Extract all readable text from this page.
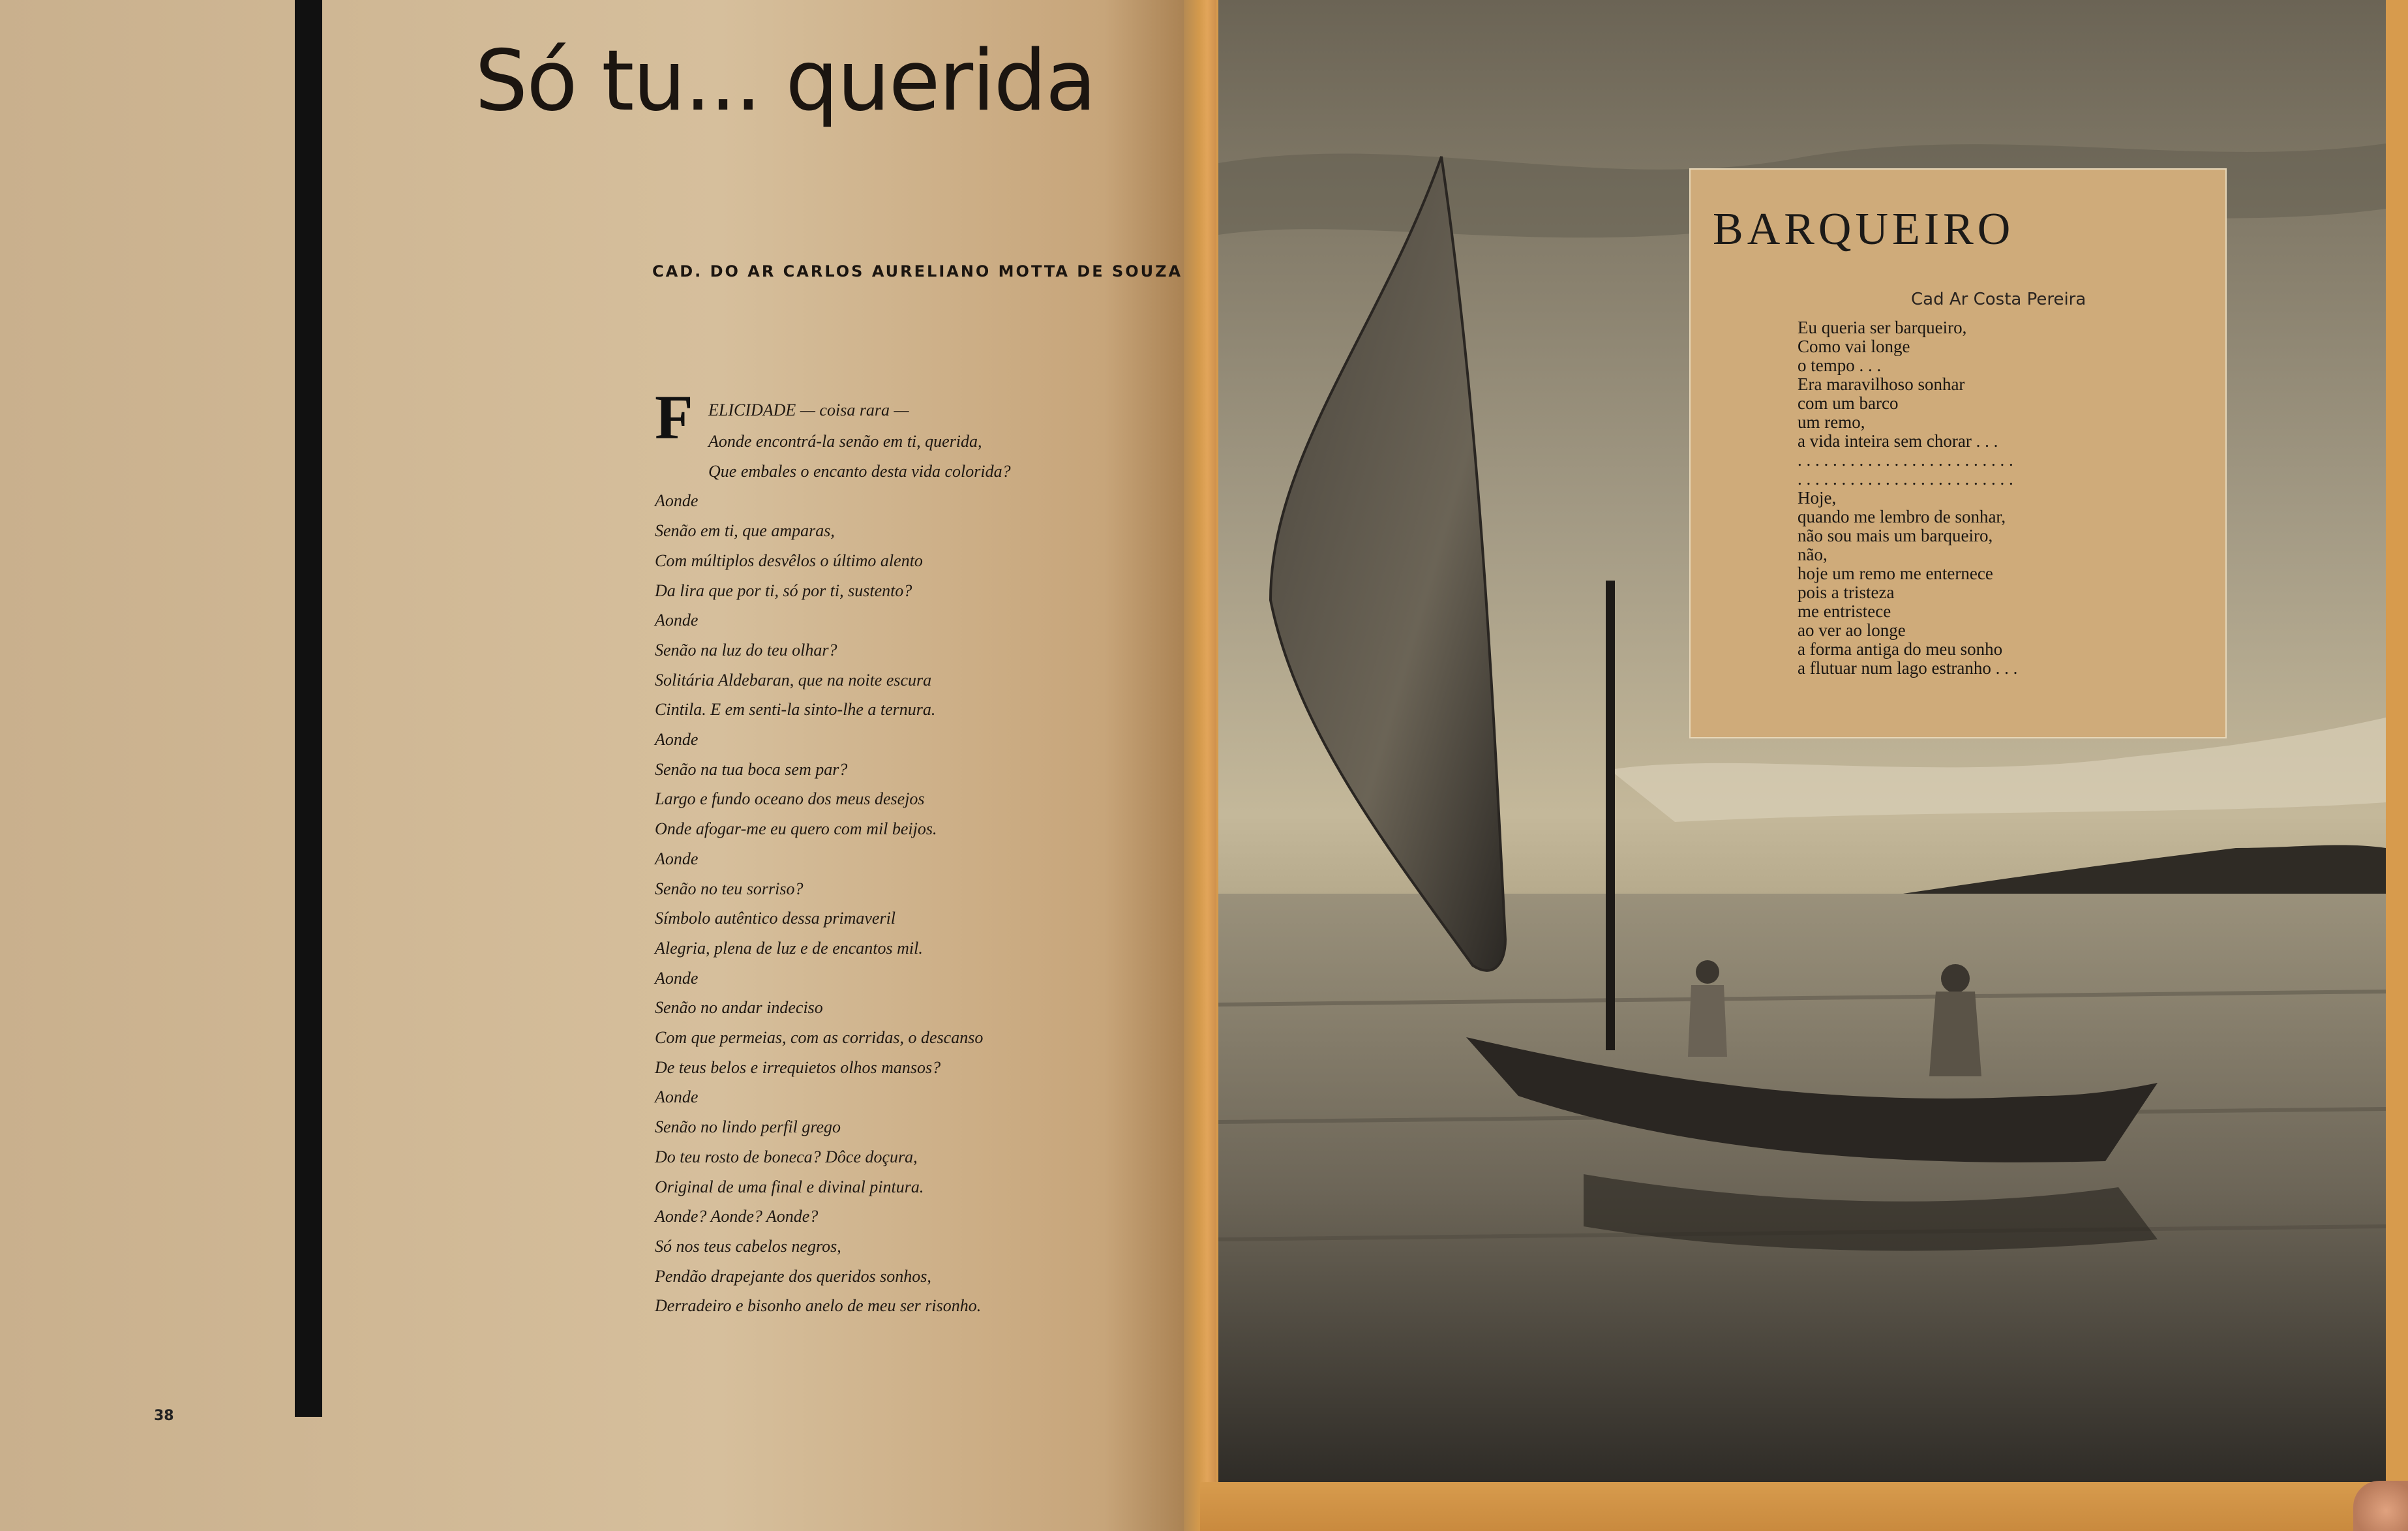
Só tu... querida
CAD. DO AR CARLOS AURELIANO MOTTA DE SOUZA
F ELICIDADE — coisa rara —
Aonde encontrá-la senão em ti, querida,
Que embales o encanto desta vida colorida?
Aonde
Senão em ti, que amparas,
Com múltiplos desvêlos o último alento
Da lira que por ti, só por ti, sustento?
Aonde
Senão na luz do teu olhar?
Solitária Aldebaran, que na noite escura
Cintila. E em senti-la sinto-lhe a ternura.
Aonde
Senão na tua boca sem par?
Largo e fundo oceano dos meus desejos
Onde afogar-me eu quero com mil beijos.
Aonde
Senão no teu sorriso?
Símbolo autêntico dessa primaveril
Alegria, plena de luz e de encantos mil.
Aonde
Senão no andar indeciso
Com que permeias, com as corridas, o descanso
De teus belos e irrequietos olhos mansos?
Aonde
Senão no lindo perfil grego
Do teu rosto de boneca? Dôce doçura,
Original de uma final e divinal pintura.
Aonde? Aonde? Aonde?
Só nos teus cabelos negros,
Pendão drapejante dos queridos sonhos,
Derradeiro e bisonho anelo de meu ser risonho.
38
BARQUEIRO
Cad Ar Costa Pereira
Eu queria ser barqueiro,
Como vai longe
o tempo . . .
Era maravilhoso sonhar
com um barco
um remo,
a vida inteira sem chorar . . .
. . . . . . . . . . . . . . . . . . . . . . . . .
. . . . . . . . . . . . . . . . . . . . . . . . .
Hoje,
quando me lembro de sonhar,
não sou mais um barqueiro,
não,
hoje um remo me enternece
pois a tristeza
me entristece
ao ver ao longe
a forma antiga do meu sonho
a flutuar num lago estranho . . .
